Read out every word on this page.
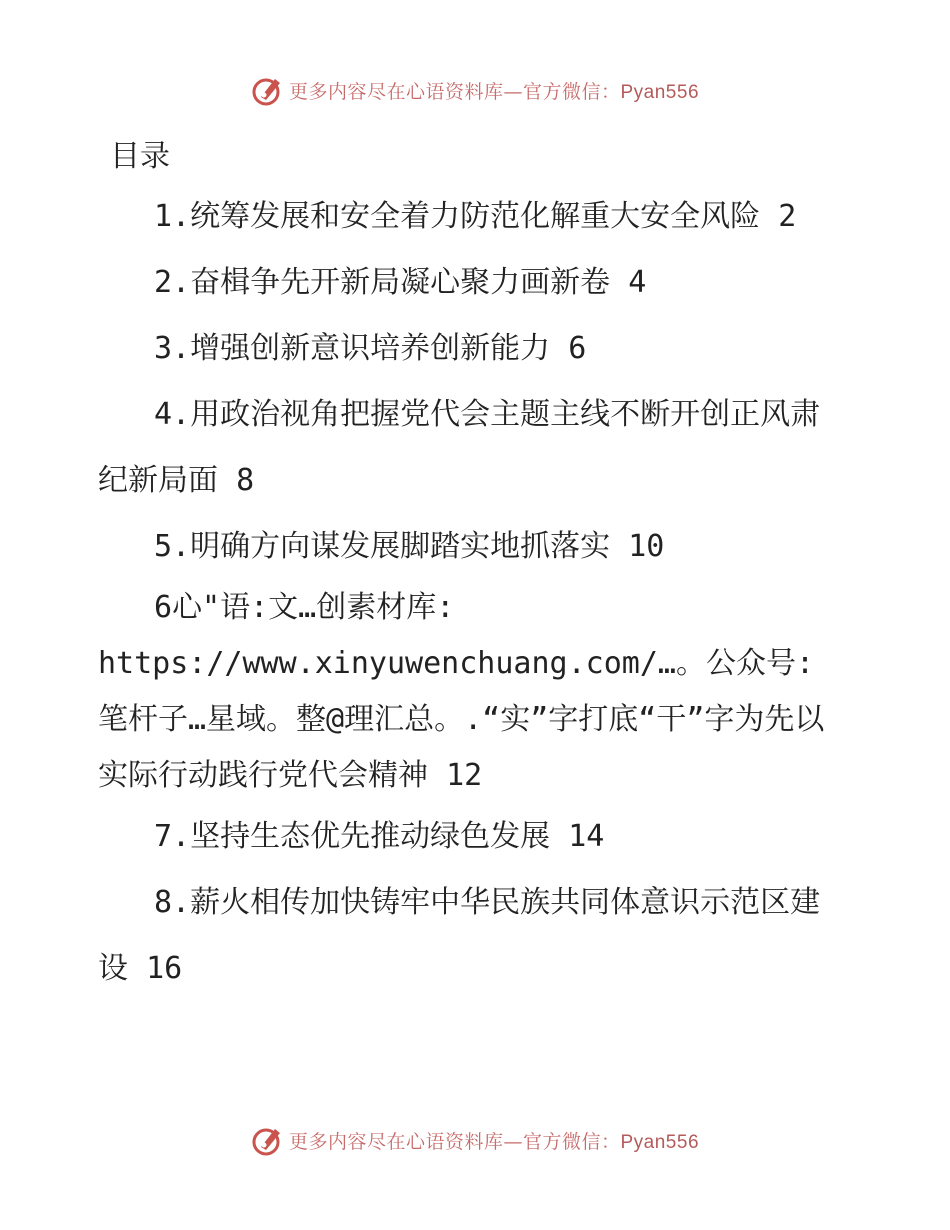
更多内容尽在心语资料库—官方微信：Pyan556
目录

1.统筹发展和安全着力防范化解重大安全风险 2

2.奋楫争先开新局凝心聚力画新卷 4

3.增强创新意识培养创新能力 6

4.用政治视角把握党代会主题主线不断开创正风肃纪新局面 8

5.明确方向谋发展脚踏实地抓落实 10

6心"语:文…创素材库: https://www.xinyuwenchuang.com/…。公众号: 笔杆子…星域。整@理汇总。.“实”字打底“干”字为先以实际行动践行党代会精神 12

7.坚持生态优先推动绿色发展 14

8.薪火相传加快铸牢中华民族共同体意识示范区建设 16

更多内容尽在心语资料库—官方微信：Pyan556
